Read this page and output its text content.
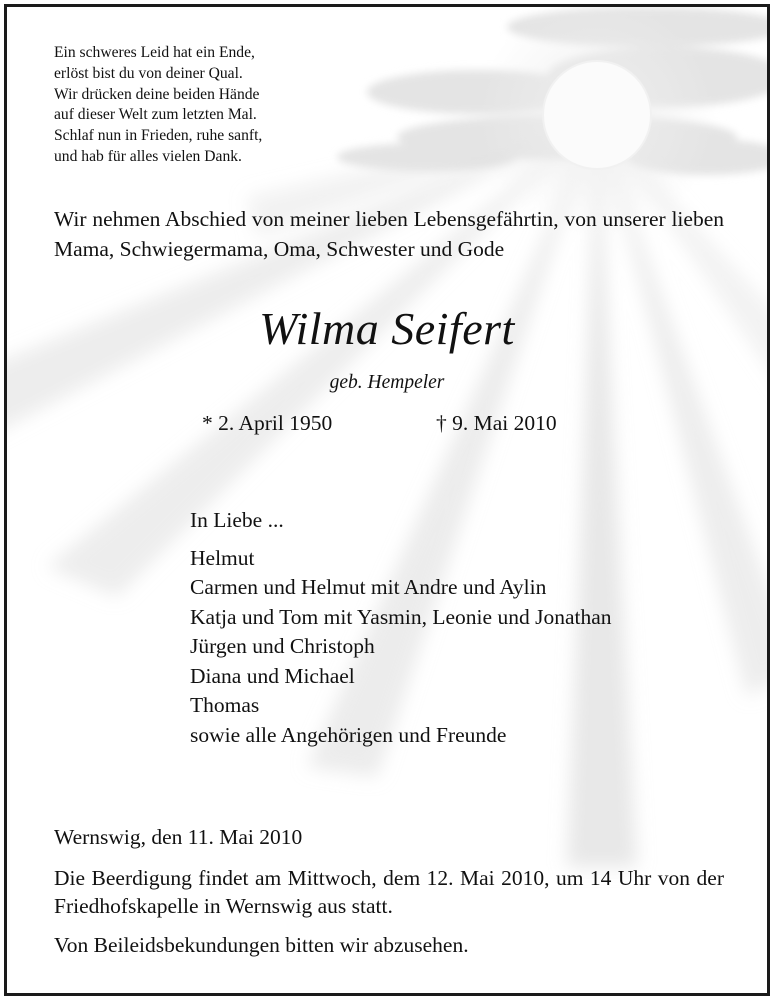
Ein schweres Leid hat ein Ende,
erlöst bist du von deiner Qual.
Wir drücken deine beiden Hände
auf dieser Welt zum letzten Mal.
Schlaf nun in Frieden, ruhe sanft,
und hab für alles vielen Dank.
Wir nehmen Abschied von meiner lieben Lebensgefährtin, von unserer lieben Mama, Schwiegermama, Oma, Schwester und Gode
Wilma Seifert
geb. Hempeler
* 2. April 1950	† 9. Mai 2010
In Liebe ...
Helmut
Carmen und Helmut mit Andre und Aylin
Katja und Tom mit Yasmin, Leonie und Jonathan
Jürgen und Christoph
Diana und Michael
Thomas
sowie alle Angehörigen und Freunde
Wernswig, den 11. Mai 2010
Die Beerdigung findet am Mittwoch, dem 12. Mai 2010, um 14 Uhr von der Friedhofskapelle in Wernswig aus statt.
Von Beileidsbekundungen bitten wir abzusehen.
